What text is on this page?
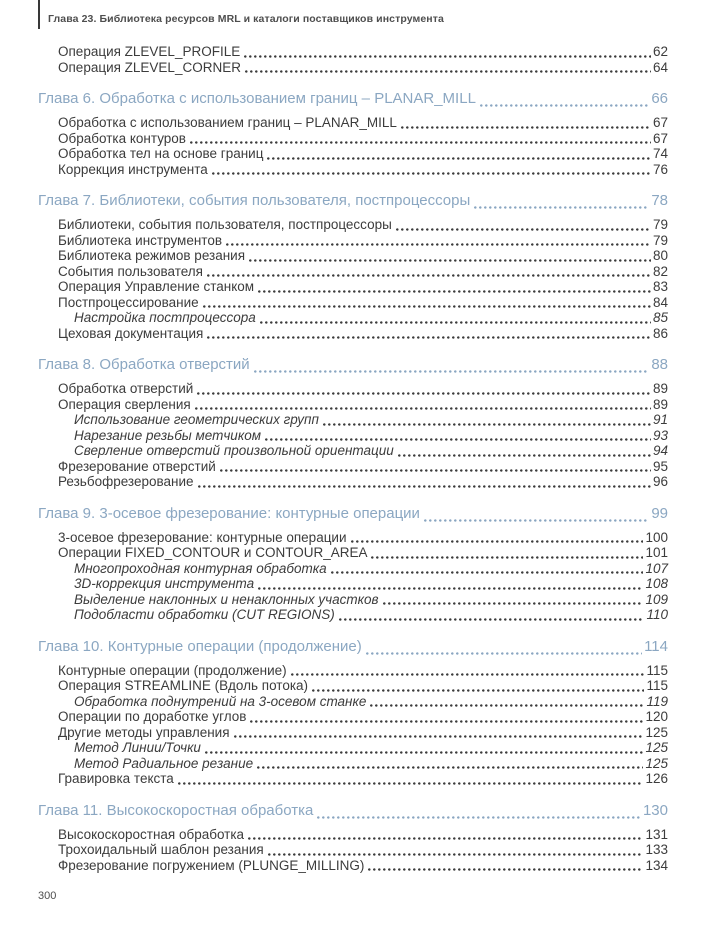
Глава 23. Библиотека ресурсов MRL и каталоги поставщиков инструмента
Операция ZLEVEL_PROFILE	62
Операция ZLEVEL_CORNER	64
Глава 6. Обработка с использованием границ – PLANAR_MILL	66
Обработка с использованием границ – PLANAR_MILL	67
Обработка контуров	67
Обработка тел на основе границ	74
Коррекция инструмента	76
Глава 7. Библиотеки, события пользователя, постпроцессоры	78
Библиотеки, события пользователя, постпроцессоры	79
Библиотека инструментов	79
Библиотека режимов резания	80
События пользователя	82
Операция Управление станком	83
Постпроцессирование	84
Настройка постпроцессора	85
Цеховая документация	86
Глава 8. Обработка отверстий	88
Обработка отверстий	89
Операция сверления	89
Использование геометрических групп	91
Нарезание резьбы метчиком	93
Сверление отверстий произвольной ориентации	94
Фрезерование отверстий	95
Резьбофрезерование	96
Глава 9. 3-осевое фрезерование: контурные операции	99
3-осевое фрезерование: контурные операции	100
Операции FIXED_CONTOUR и CONTOUR_AREA	101
Многопроходная контурная обработка	107
3D-коррекция инструмента	108
Выделение наклонных и ненаклонных участков	109
Подобласти обработки (CUT REGIONS)	110
Глава 10. Контурные операции (продолжение)	114
Контурные операции (продолжение)	115
Операция STREAMLINE (Вдоль потока)	115
Обработка поднутрений на 3-осевом станке	119
Операции по доработке углов	120
Другие методы управления	125
Метод Линии/Точки	125
Метод Радиальное резание	125
Гравировка текста	126
Глава 11. Высокоскоростная обработка	130
Высокоскоростная обработка	131
Трохоидальный шаблон резания	133
Фрезерование погружением (PLUNGE_MILLING)	134
300
